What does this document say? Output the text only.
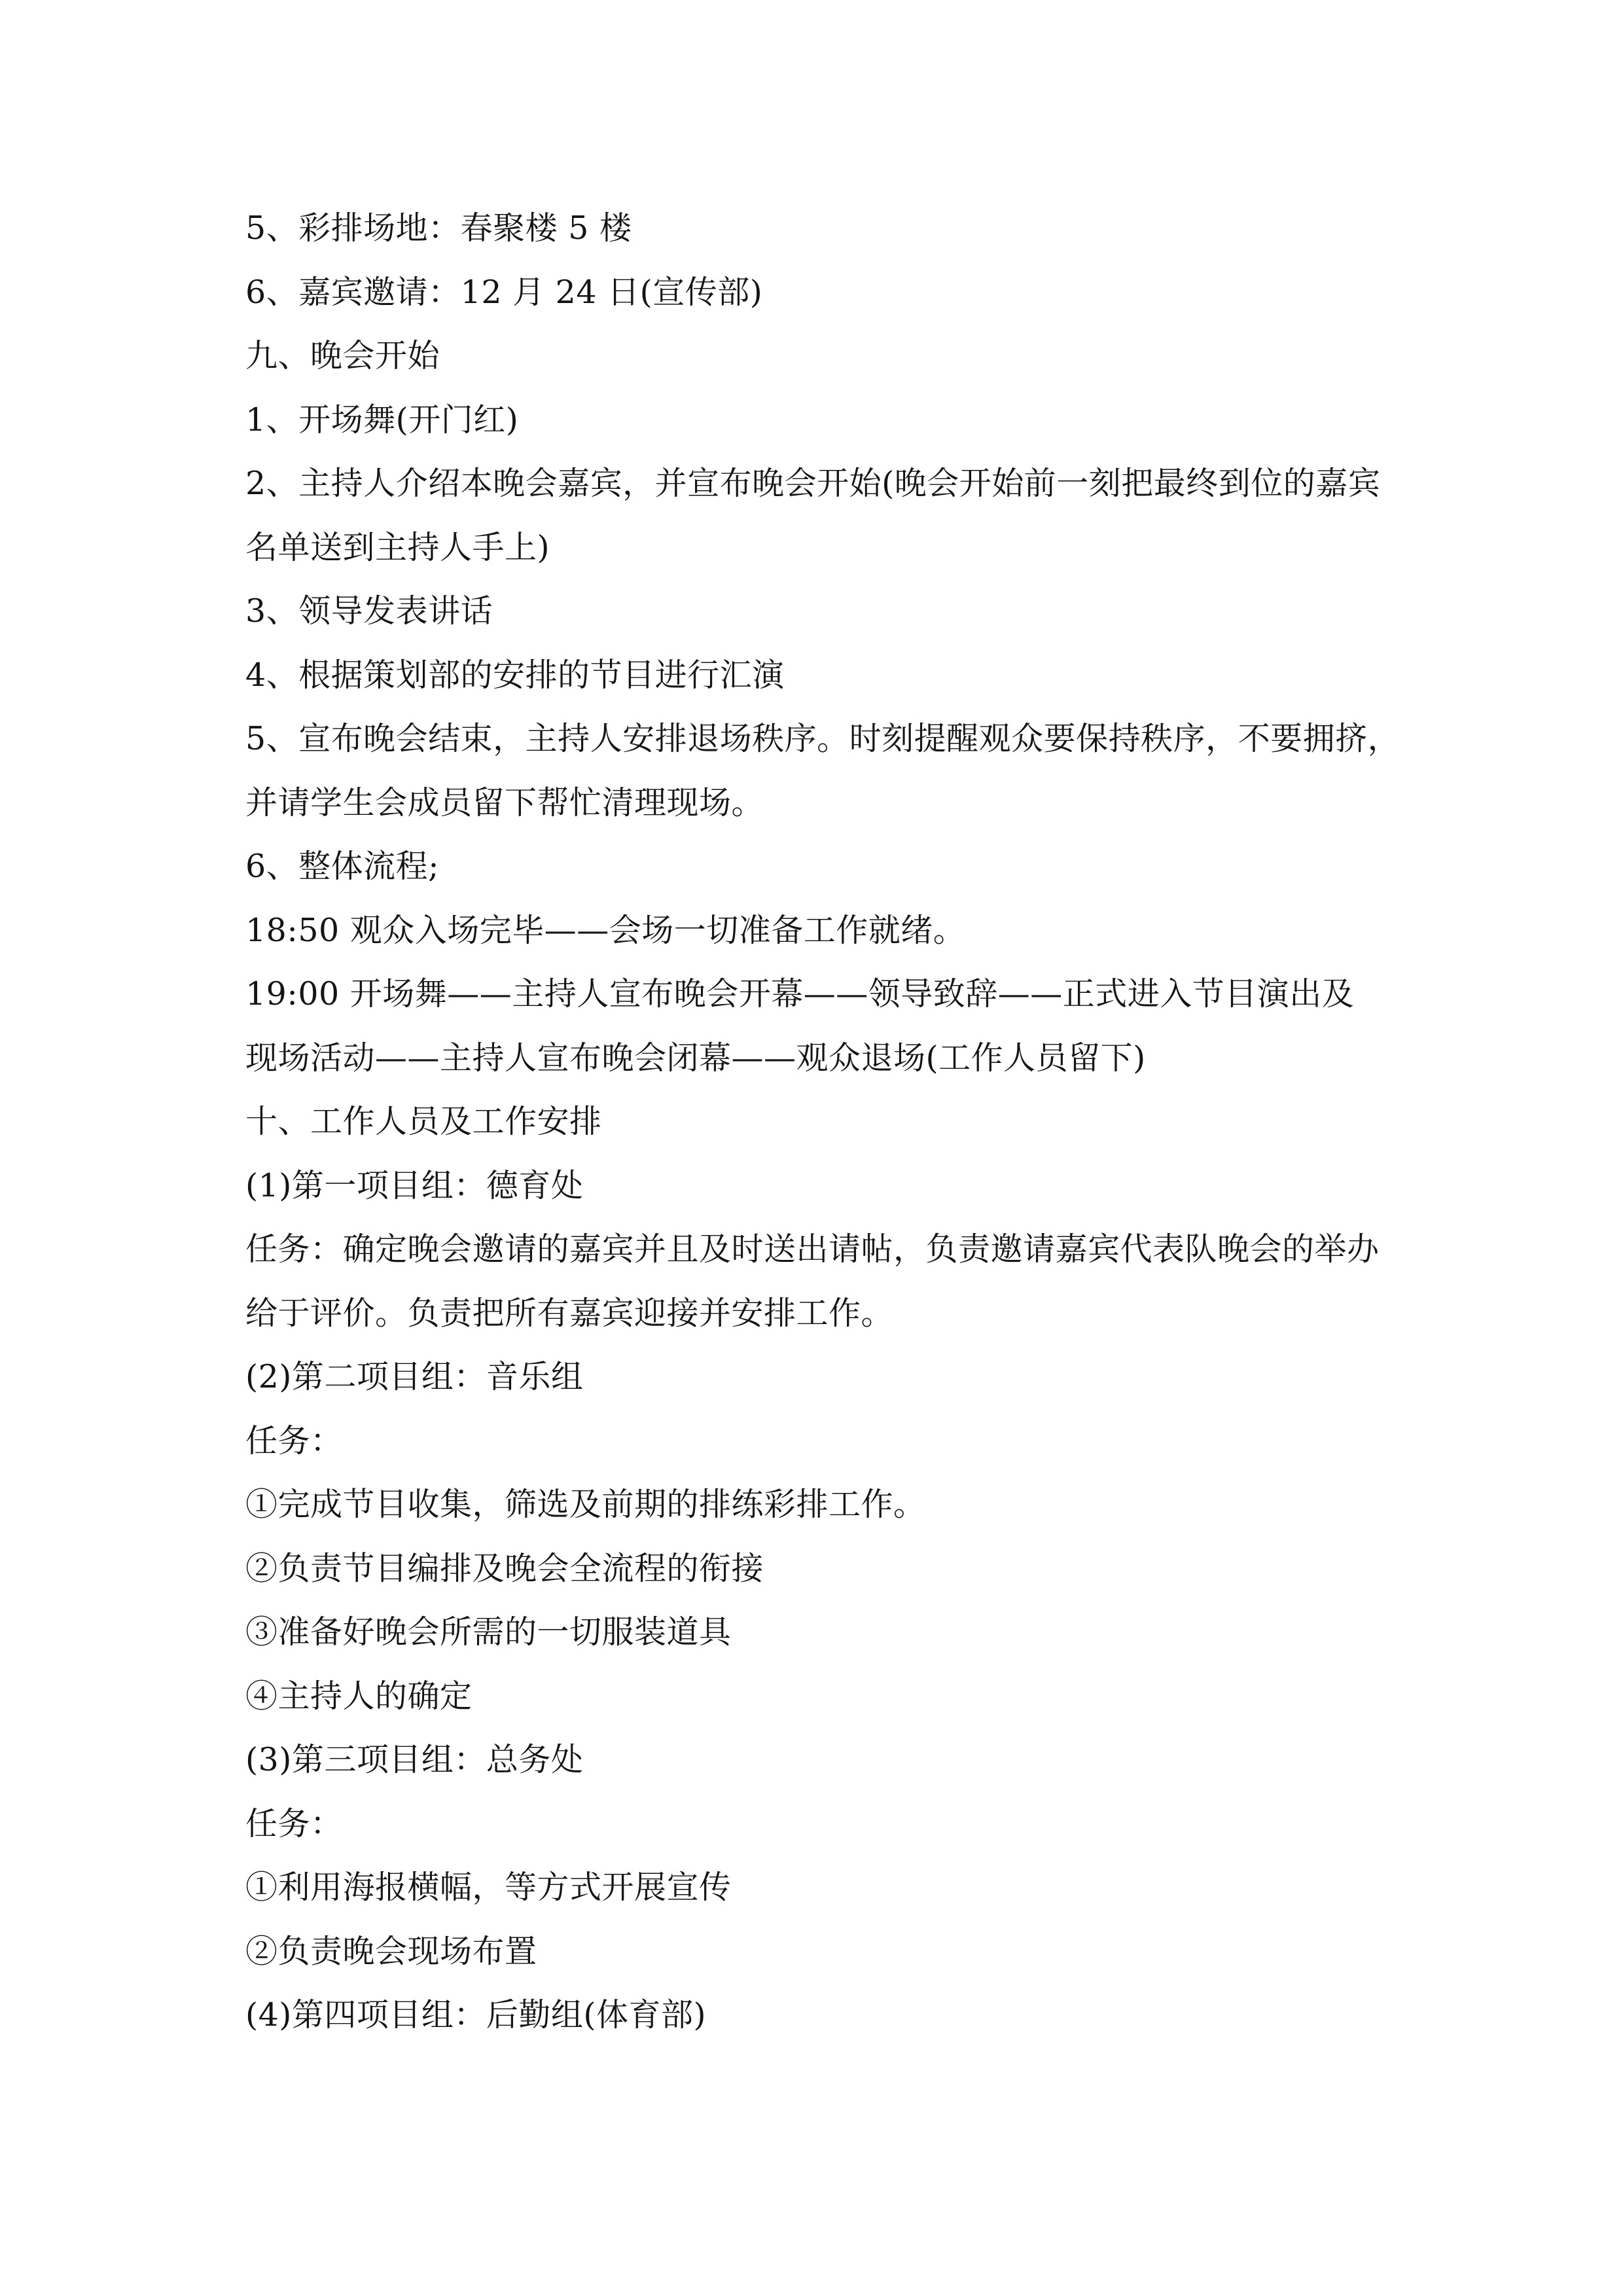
5、彩排场地：春聚楼 5 楼
6、嘉宾邀请：12 月 24 日(宣传部)
九、晚会开始
1、开场舞(开门红)
2、主持人介绍本晚会嘉宾，并宣布晚会开始(晚会开始前一刻把最终到位的嘉宾
名单送到主持人手上)
3、领导发表讲话
4、根据策划部的安排的节目进行汇演
5、宣布晚会结束，主持人安排退场秩序。时刻提醒观众要保持秩序，不要拥挤，
并请学生会成员留下帮忙清理现场。
6、整体流程;
18:50 观众入场完毕——会场一切准备工作就绪。
19:00 开场舞——主持人宣布晚会开幕——领导致辞——正式进入节目演出及
现场活动——主持人宣布晚会闭幕——观众退场(工作人员留下)
十、工作人员及工作安排
(1)第一项目组：德育处
任务：确定晚会邀请的嘉宾并且及时送出请帖，负责邀请嘉宾代表队晚会的举办
给于评价。负责把所有嘉宾迎接并安排工作。
(2)第二项目组：音乐组
任务：
①完成节目收集，筛选及前期的排练彩排工作。
②负责节目编排及晚会全流程的衔接
③准备好晚会所需的一切服装道具
④主持人的确定
(3)第三项目组：总务处
任务：
①利用海报横幅，等方式开展宣传
②负责晚会现场布置
(4)第四项目组：后勤组(体育部)
